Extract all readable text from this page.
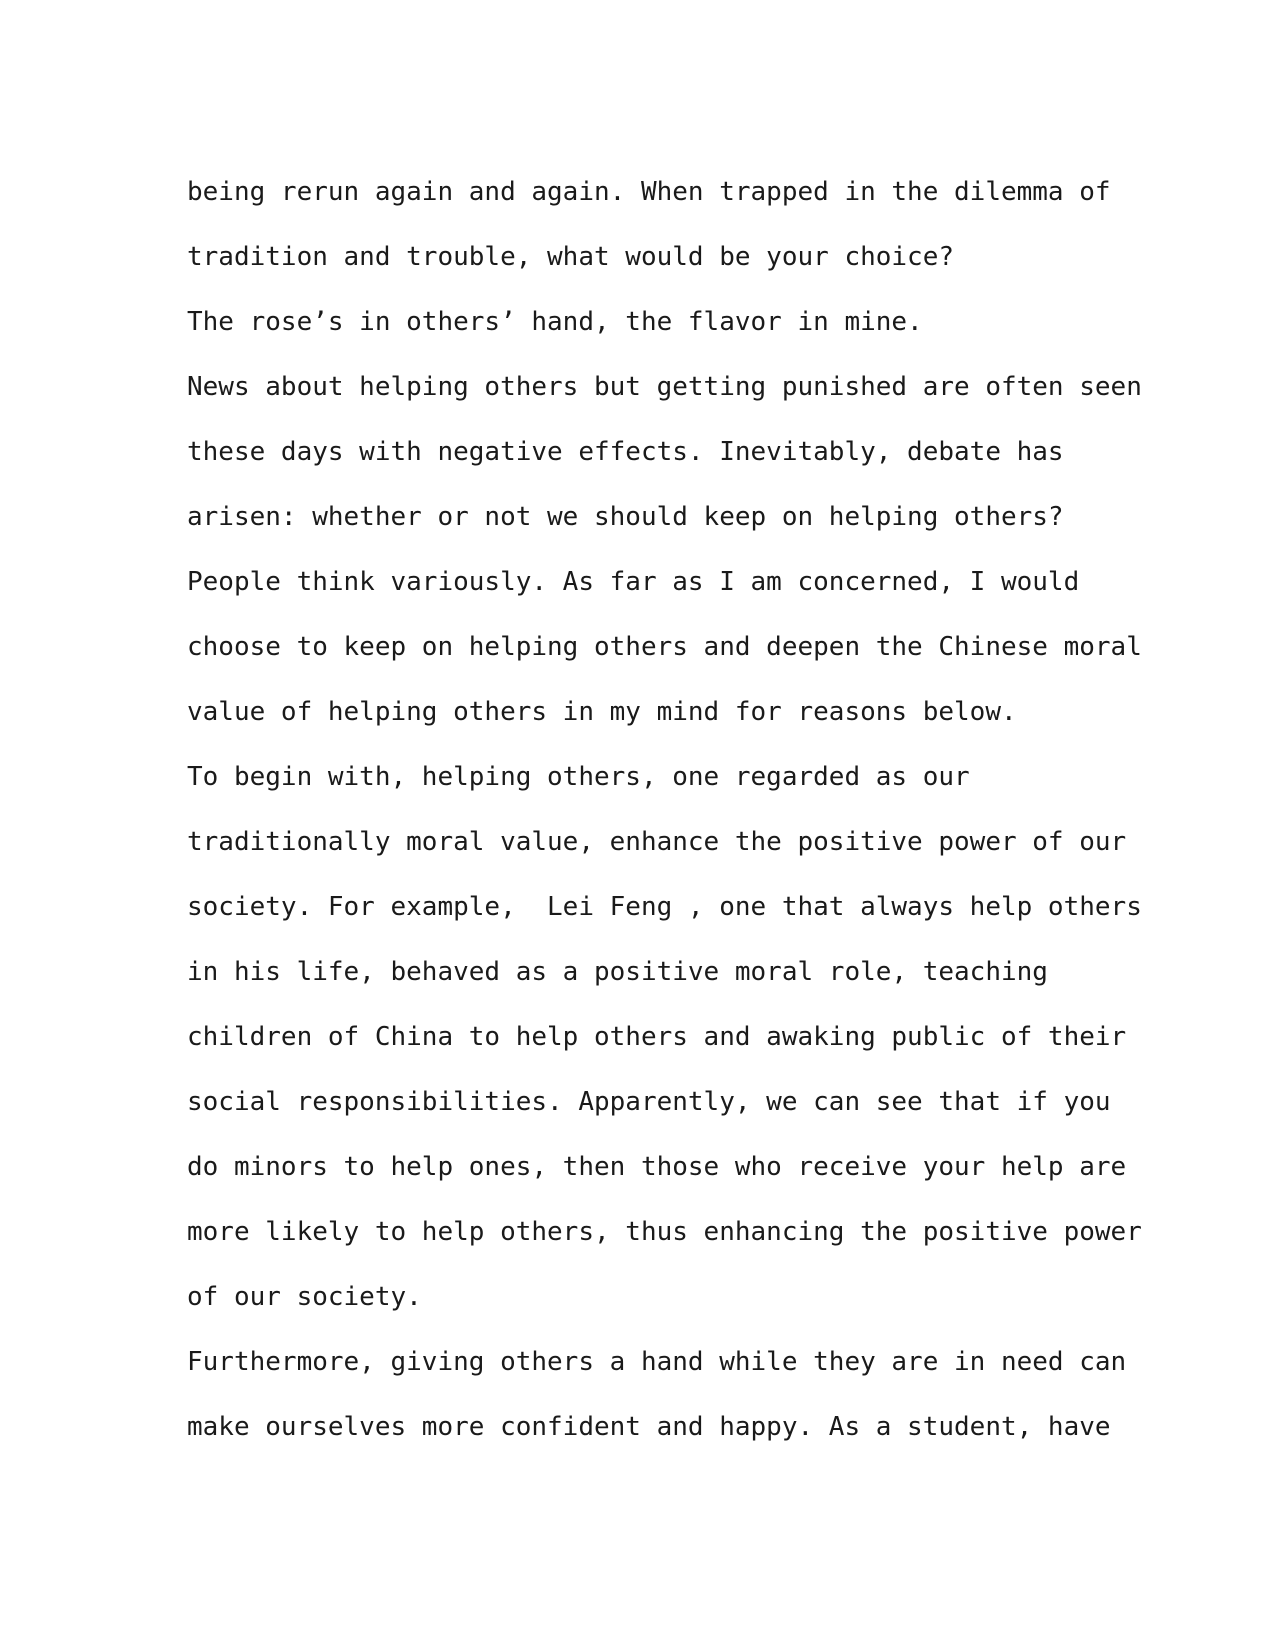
being rerun again and again. When trapped in the dilemma of
tradition and trouble, what would be your choice?
The rose’s in others’ hand, the flavor in mine.
News about helping others but getting punished are often seen
these days with negative effects. Inevitably, debate has
arisen: whether or not we should keep on helping others?
People think variously. As far as I am concerned, I would
choose to keep on helping others and deepen the Chinese moral
value of helping others in my mind for reasons below.
To begin with, helping others, one regarded as our
traditionally moral value, enhance the positive power of our
society. For example,  Lei Feng , one that always help others
in his life, behaved as a positive moral role, teaching
children of China to help others and awaking public of their
social responsibilities. Apparently, we can see that if you
do minors to help ones, then those who receive your help are
more likely to help others, thus enhancing the positive power
of our society.
Furthermore, giving others a hand while they are in need can
make ourselves more confident and happy. As a student, have
